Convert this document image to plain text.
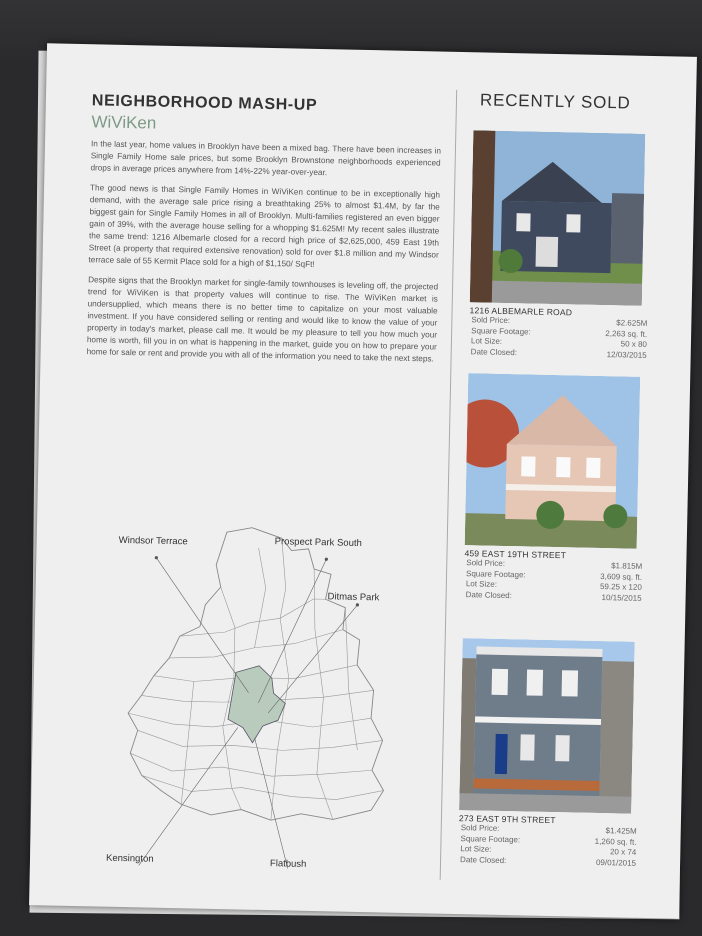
NEIGHBORHOOD MASH-UP
WiViKen

In the last year, home values in Brooklyn have been a mixed bag. There have been increases in Single Family Home sale prices, but some Brooklyn Brownstone neighborhoods experienced drops in average prices anywhere from 14%-22% year-over-year.

The good news is that Single Family Homes in WiViKen continue to be in exceptionally high demand, with the average sale price rising a breathtaking 25% to almost $1.4M, by far the biggest gain for Single Family Homes in all of Brooklyn. Multi-families registered an even bigger gain of 39%, with the average house selling for a whopping $1.625M! My recent sales illustrate the same trend: 1216 Albemarle closed for a record high price of $2,625,000, 459 East 19th Street (a property that required extensive renovation) sold for over $1.8 million and my Windsor terrace sale of 55 Kermit Place sold for a high of $1,150/ SqFt!

Despite signs that the Brooklyn market for single-family townhouses is leveling off, the projected trend for WiViKen is that property values will continue to rise. The WiViKen market is undersupplied, which means there is no better time to capitalize on your most valuable investment. If you have considered selling or renting and would like to know the value of your property in today's market, please call me. It would be my pleasure to tell you how much your home is worth, fill you in on what is happening in the market, guide you on how to prepare your home for sale or rent and provide you with all of the information you need to take the next steps.

Windsor Terrace	Prospect Park South
Ditmas Park
Kensington	Flatbush
RECENTLY SOLD
1216 ALBEMARLE ROAD
Sold Price:	$2.625M
Square Footage:	2,263 sq. ft.
Lot Size:	50 x 80
Date Closed:	12/03/2015
459 EAST 19TH STREET
Sold Price:	$1.815M
Square Footage:	3,609 sq. ft.
Lot Size:	59.25 x 120
Date Closed:	10/15/2015
273 EAST 9TH STREET
Sold Price:	$1.425M
Square Footage:	1,260 sq. ft.
Lot Size:	20 x 74
Date Closed:	09/01/2015
